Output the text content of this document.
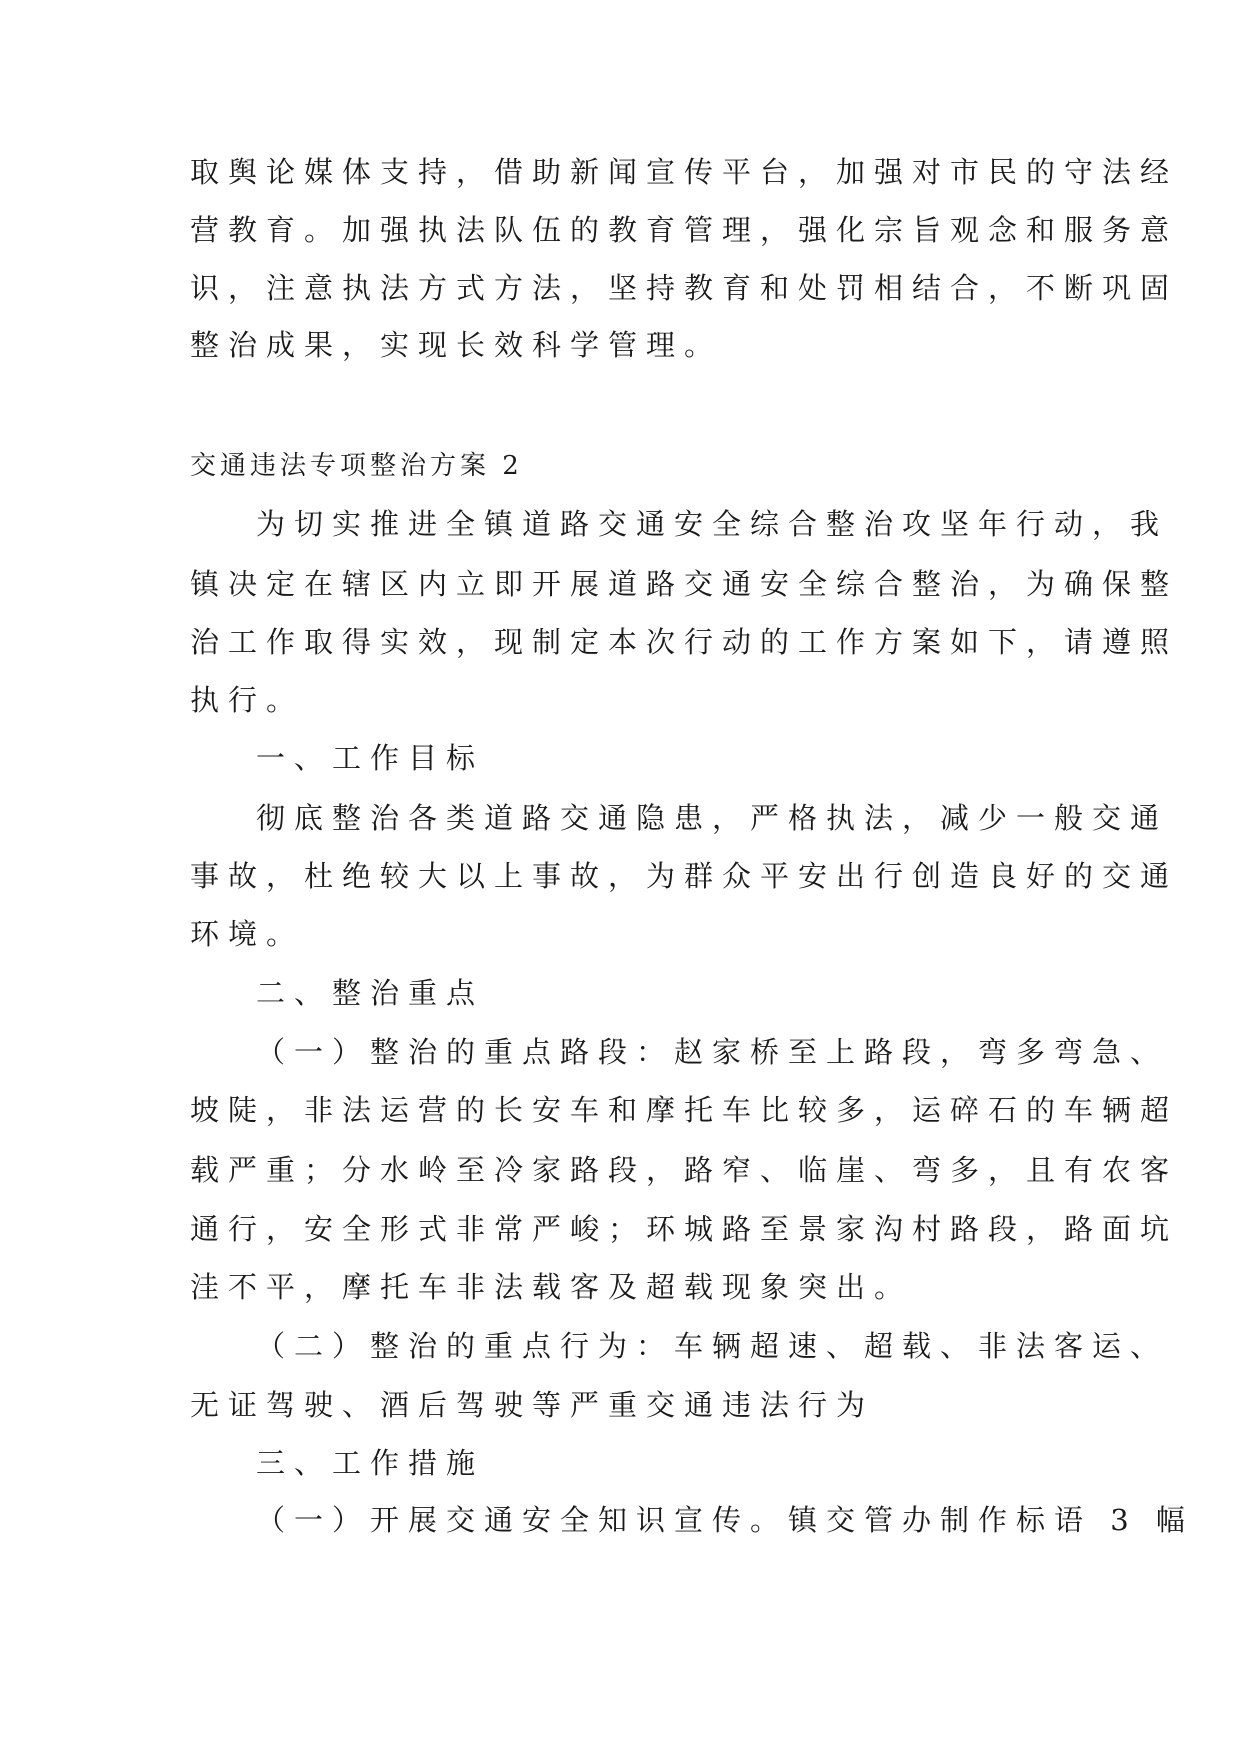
取舆论媒体支持，借助新闻宣传平台，加强对市民的守法经
营教育。加强执法队伍的教育管理，强化宗旨观念和服务意
识，注意执法方式方法，坚持教育和处罚相结合，不断巩固
整治成果，实现长效科学管理。
交通违法专项整治方案 2
为切实推进全镇道路交通安全综合整治攻坚年行动，我
镇决定在辖区内立即开展道路交通安全综合整治，为确保整
治工作取得实效，现制定本次行动的工作方案如下，请遵照
执行。
一、工作目标
彻底整治各类道路交通隐患，严格执法，减少一般交通
事故，杜绝较大以上事故，为群众平安出行创造良好的交通
环境。
二、整治重点
（一）整治的重点路段：赵家桥至上路段，弯多弯急、
坡陡，非法运营的长安车和摩托车比较多，运碎石的车辆超
载严重；分水岭至冷家路段，路窄、临崖、弯多，且有农客
通行，安全形式非常严峻；环城路至景家沟村路段，路面坑
洼不平，摩托车非法载客及超载现象突出。
（二）整治的重点行为：车辆超速、超载、非法客运、
无证驾驶、酒后驾驶等严重交通违法行为
三、工作措施
（一）开展交通安全知识宣传。镇交管办制作标语 3 幅
